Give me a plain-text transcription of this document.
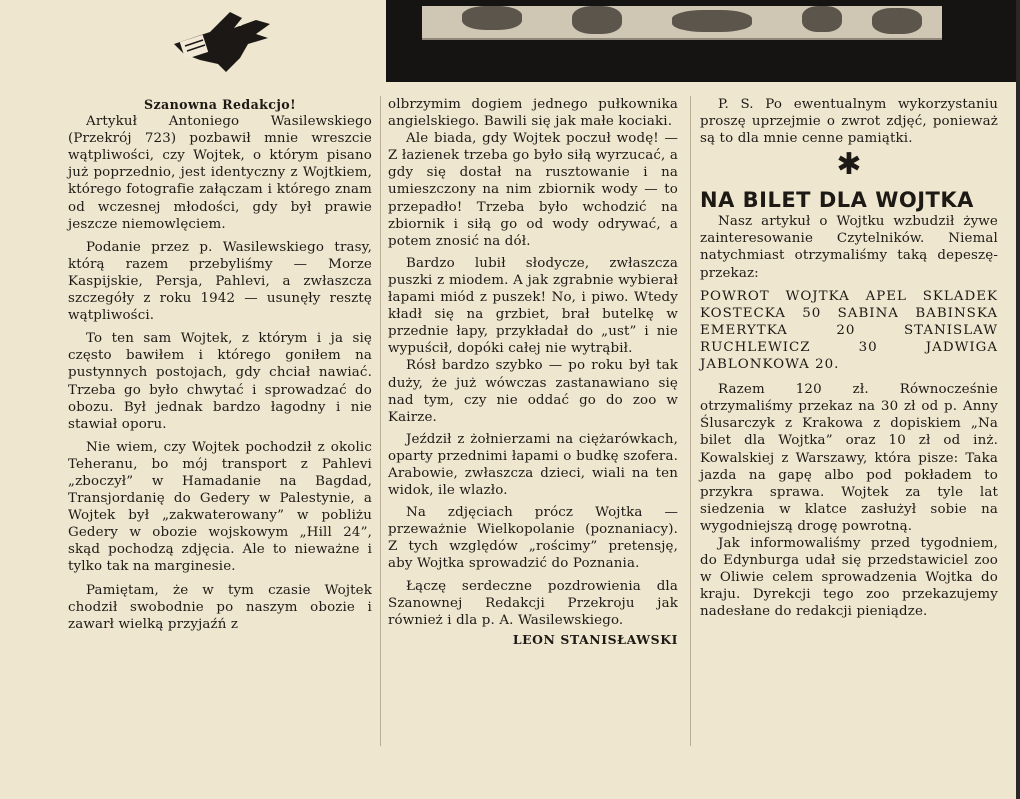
Szanowna Redakcjo!

Artykuł Antoniego Wasilewskiego (Przekrój 723) pozbawił mnie wreszcie wątpliwości, czy Wojtek, o którym pisano już poprzednio, jest identyczny z Wojtkiem, którego fotografie załączam i którego znam od wczesnej młodości, gdy był prawie jeszcze niemowlęciem.

Podanie przez p. Wasilewskiego trasy, którą razem przebyliśmy — Morze Kaspijskie, Persja, Pahlevi, a zwłaszcza szczegóły z roku 1942 — usunęły resztę wątpliwości.

To ten sam Wojtek, z którym i ja się często bawiłem i którego goniłem na pustynnych postojach, gdy chciał nawiać. Trzeba go było chwytać i sprowadzać do obozu. Był jednak bardzo łagodny i nie stawiał oporu.

Nie wiem, czy Wojtek pochodził z okolic Teheranu, bo mój transport z Pahlevi „zboczył” w Hamadanie na Bagdad, Transjordanię do Gedery w Palestynie, a Wojtek był „zakwaterowany” w pobliżu Gedery w obozie wojskowym „Hill 24”, skąd pochodzą zdjęcia. Ale to nieważne i tylko tak na marginesie.

Pamiętam, że w tym czasie Wojtek chodził swobodnie po naszym obozie i zawarł wielką przyjaźń z

olbrzymim dogiem jednego pułkownika angielskiego. Bawili się jak małe kociaki.

Ale biada, gdy Wojtek poczuł wodę! — Z łazienek trzeba go było siłą wyrzucać, a gdy się dostał na rusztowanie i na umieszczony na nim zbiornik wody — to przepadło! Trzeba było wchodzić na zbiornik i siłą go od wody odrywać, a potem znosić na dół.

Bardzo lubił słodycze, zwłaszcza puszki z miodem. A jak zgrabnie wybierał łapami miód z puszek! No, i piwo. Wtedy kładł się na grzbiet, brał butelkę w przednie łapy, przykładał do „ust” i nie wypuścił, dopóki całej nie wytrąbił.

Rósł bardzo szybko — po roku był tak duży, że już wówczas zastanawiano się nad tym, czy nie oddać go do zoo w Kairze.

Jeździł z żołnierzami na ciężarówkach, oparty przednimi łapami o budkę szofera. Arabowie, zwłaszcza dzieci, wiali na ten widok, ile wlazło.

Na zdjęciach prócz Wojtka — przeważnie Wielkopolanie (poznaniacy). Z tych względów „rościmy” pretensję, aby Wojtka sprowadzić do Poznania.

Łączę serdeczne pozdrowienia dla Szanownej Redakcji Przekroju jak również i dla p. A. Wasilewskiego.

LEON STANISŁAWSKI

P. S. Po ewentualnym wykorzystaniu proszę uprzejmie o zwrot zdjęć, ponieważ są to dla mnie cenne pamiątki.

✱

NA BILET DLA WOJTKA

Nasz artykuł o Wojtku wzbudził żywe zainteresowanie Czytelników. Niemal natychmiast otrzymaliśmy taką depeszę-przekaz:

POWROT WOJTKA APEL SKLADEK KOSTECKA 50 SABINA BABINSKA EMERYTKA 20 STANISLAW RUCHLEWICZ 30 JADWIGA JABLONKOWA 20.

Razem 120 zł. Równocześnie otrzymaliśmy przekaz na 30 zł od p. Anny Ślusarczyk z Krakowa z dopiskiem „Na bilet dla Wojtka” oraz 10 zł od inż. Kowalskiej z Warszawy, która pisze: Taka jazda na gapę albo pod pokładem to przykra sprawa. Wojtek za tyle lat siedzenia w klatce zasłużył sobie na wygodniejszą drogę powrotną.

Jak informowaliśmy przed tygodniem, do Edynburga udał się przedstawiciel zoo w Oliwie celem sprowadzenia Wojtka do kraju. Dyrekcji tego zoo przekazujemy nadesłane do redakcji pieniądze.
